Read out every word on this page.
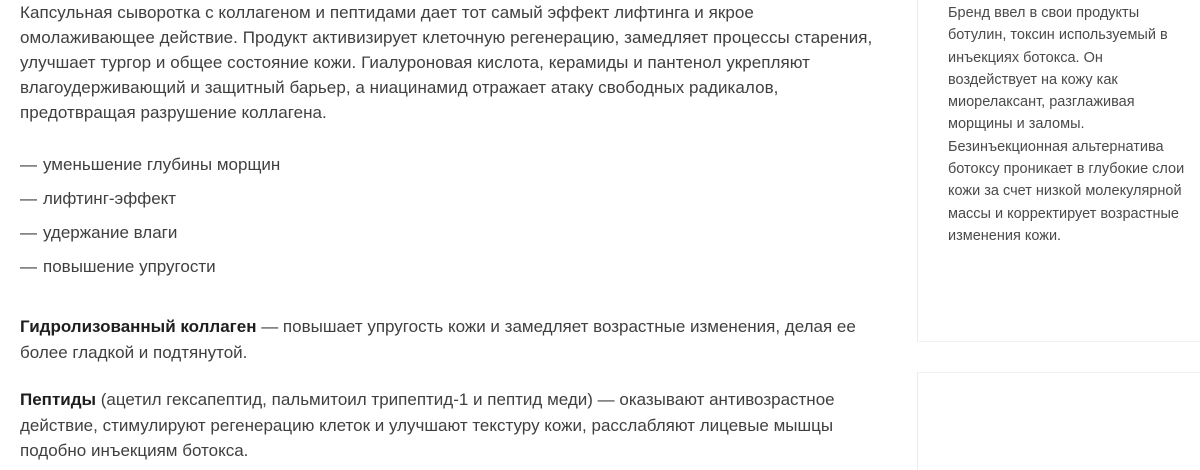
Капсульная сыворотка с коллагеном и пептидами дает тот самый эффект лифтинга и якрое
омолаживающее действие. Продукт активизирует клеточную регенерацию, замедляет процессы старения,
улучшает тургор и общее состояние кожи. Гиалуроновая кислота, керамиды и пантенол укрепляют
влагоудерживающий и защитный барьер, а ниацинамид отражает атаку свободных радикалов,
предотвращая разрушение коллагена.

— уменьшение глубины морщин
— лифтинг-эффект
— удержание влаги
— повышение упругости

Гидролизованный коллаген — повышает упругость кожи и замедляет возрастные изменения, делая ее
более гладкой и подтянутой.

Пептиды (ацетил гексапептид, пальмитоил трипептид-1 и пептид меди) — оказывают антивозрастное
действие, стимулируют регенерацию клеток и улучшают текстуру кожи, расслабляют лицевые мышцы
подобно инъекциям ботокса.

Бренд ввел в свои продукты
ботулин, токсин используемый в
инъекциях ботокса. Он
воздействует на кожу как
миорелаксант, разглаживая
морщины и заломы.
Безинъекционная альтернатива
ботоксу проникает в глубокие слои
кожи за счет низкой молекулярной
массы и корректирует возрастные
изменения кожи.
